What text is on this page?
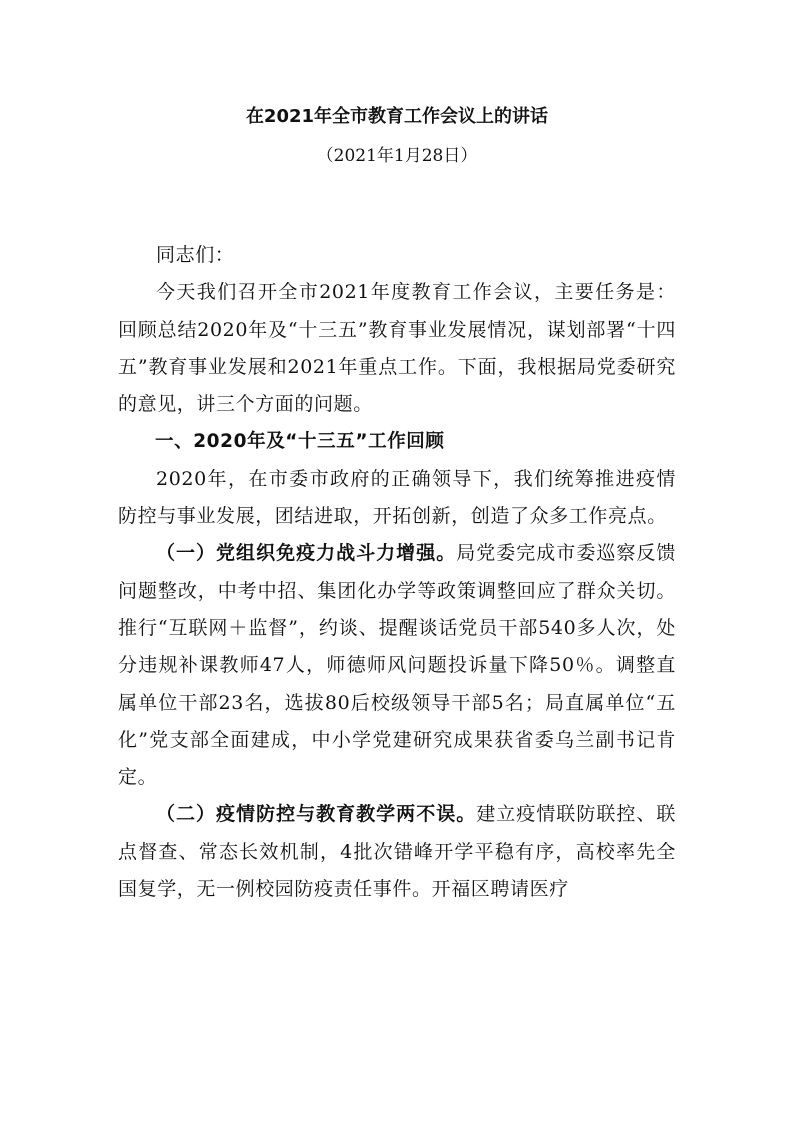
在2021年全市教育工作会议上的讲话

（2021年1月28日）

同志们：

今天我们召开全市2021年度教育工作会议，主要任务是：回顾总结2020年及“十三五”教育事业发展情况，谋划部署“十四五”教育事业发展和2021年重点工作。下面，我根据局党委研究的意见，讲三个方面的问题。

一、2020年及“十三五”工作回顾

2020年，在市委市政府的正确领导下，我们统筹推进疫情防控与事业发展，团结进取，开拓创新，创造了众多工作亮点。

（一）党组织免疫力战斗力增强。局党委完成市委巡察反馈问题整改，中考中招、集团化办学等政策调整回应了群众关切。推行“互联网＋监督”，约谈、提醒谈话党员干部540多人次，处分违规补课教师47人，师德师风问题投诉量下降50％。调整直属单位干部23名，选拔80后校级领导干部5名；局直属单位“五化”党支部全面建成，中小学党建研究成果获省委乌兰副书记肯定。

（二）疫情防控与教育教学两不误。建立疫情联防联控、联点督查、常态长效机制，4批次错峰开学平稳有序，高校率先全国复学，无一例校园防疫责任事件。开福区聘请医疗
